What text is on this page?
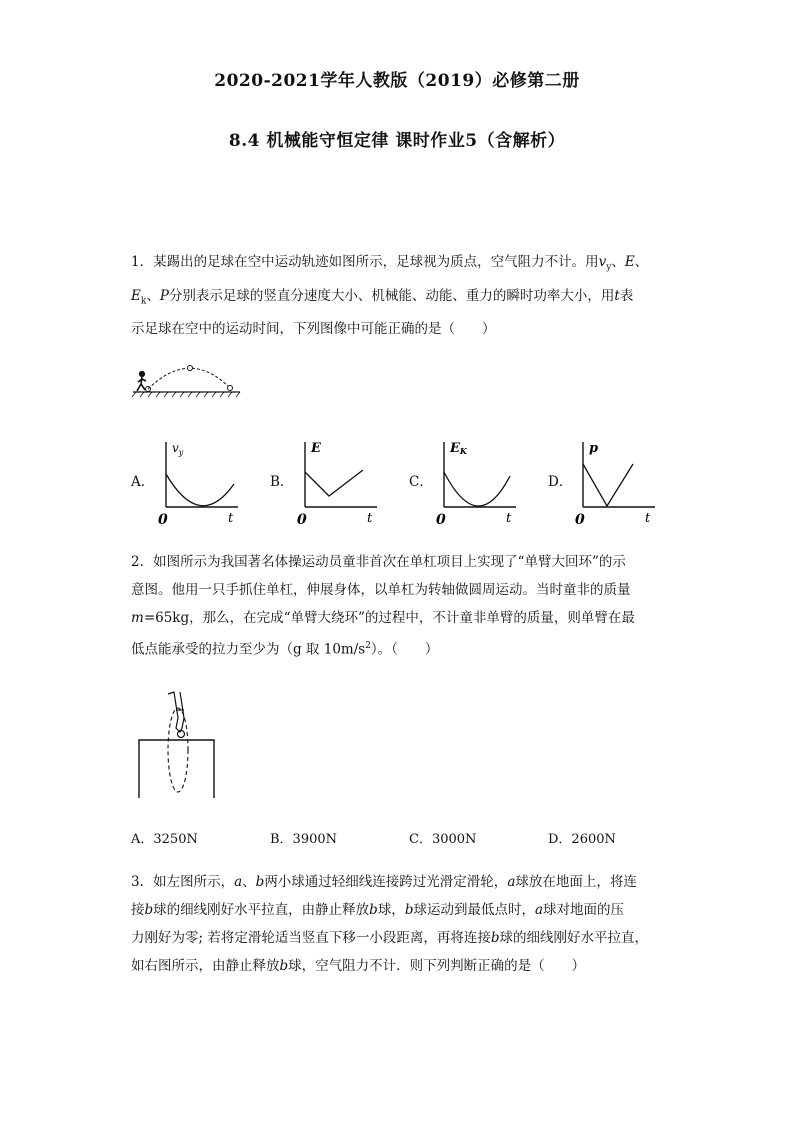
2020-2021学年人教版（2019）必修第二册
8.4 机械能守恒定律 课时作业5（含解析）
1．某踢出的足球在空中运动轨迹如图所示，足球视为质点，空气阻力不计。用$v_y$、E、
$E_k$、P分别表示足球的竖直分速度大小、机械能、动能、重力的瞬时功率大小，用t表
示足球在空中的运动时间，下列图像中可能正确的是（　　）
A．
$v_y$
0	t
B．
E
0	t
C．
EK
0	t
D．
p
0	t
2．如图所示为我国著名体操运动员童非首次在单杠项目上实现了“单臂大回环”的示
意图。他用一只手抓住单杠，伸展身体，以单杠为转轴做圆周运动。当时童非的质量
m=65kg，那么，在完成“单臂大绕环”的过程中，不计童非单臂的质量，则单臂在最
低点能承受的拉力至少为（g 取 $10m/s^2$）。（　　）
A．3250N	B．3900N	C．3000N	D．2600N
3．如左图所示，a、b两小球通过轻细线连接跨过光滑定滑轮，a球放在地面上，将连
接b球的细线刚好水平拉直，由静止释放b球，b球运动到最低点时，a球对地面的压
力刚好为零; 若将定滑轮适当竖直下移一小段距离，再将连接b球的细线刚好水平拉直，
如右图所示，由静止释放b球，空气阻力不计．则下列判断正确的是（　　）
